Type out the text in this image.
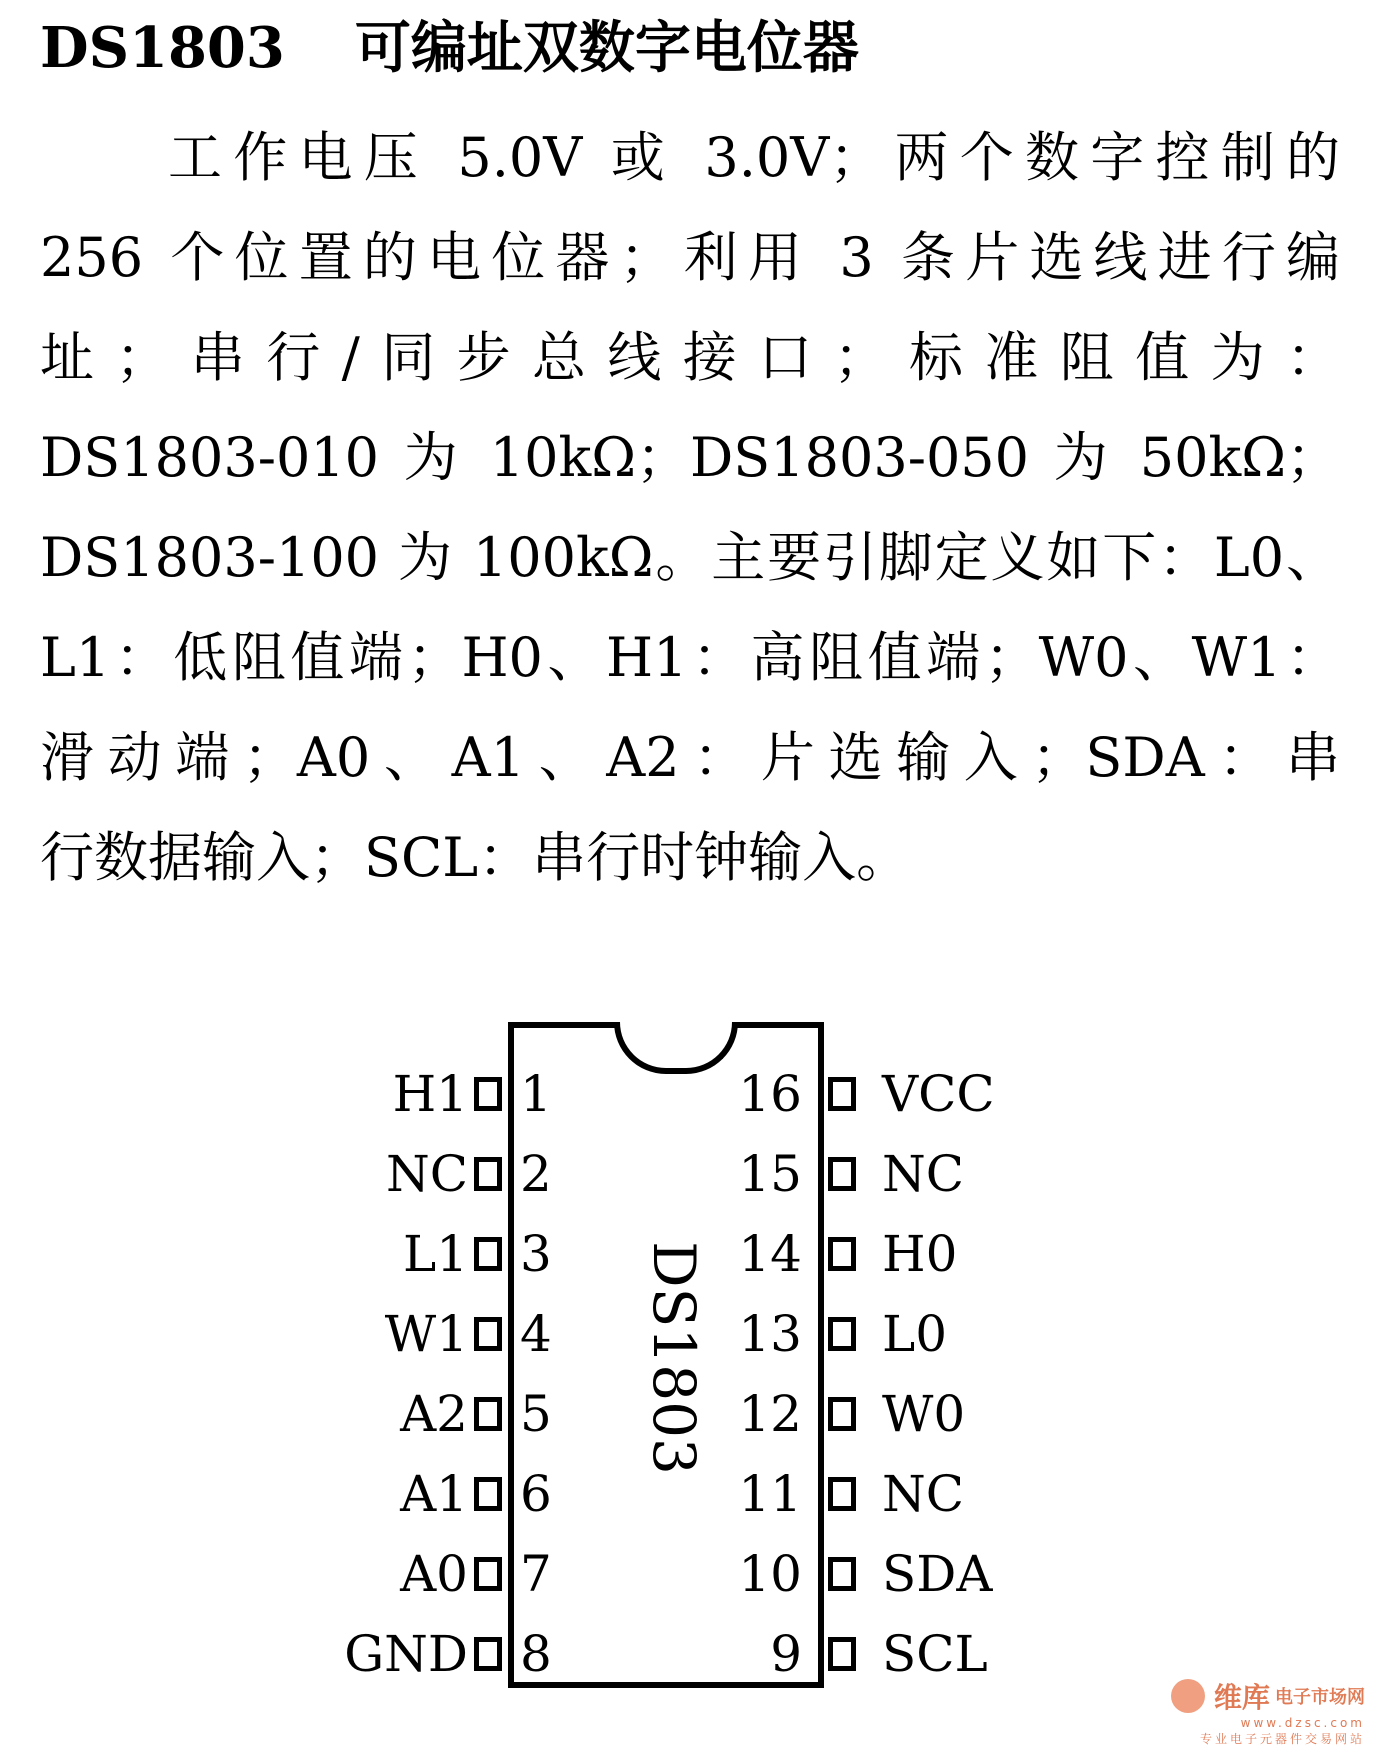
DS1803 可编址双数字电位器
工作电压 5.0V 或 3.0V；两个数字控制的
256 个位置的电位器；利用 3 条片选线进行编
址；串行/同步总线接口；标准阻值为：
DS1803-010 为 10kΩ；DS1803-050 为 50kΩ；
DS1803-100 为 100kΩ。主要引脚定义如下：L0、
L1：低阻值端；H0、H1：高阻值端；W0、W1：
滑动端；A0、A1、A2：片选输入；SDA：串
行数据输入；SCL：串行时钟输入。
DS1803
H1 1
NC 2
L1 3
W1 4
A2 5
A1 6
A0 7
GND 8
16 VCC
15 NC
14 H0
13 L0
12 W0
11 NC
10 SDA
9 SCL
维库 电子市场网
www.dzsc.com
专业电子元器件交易网站
